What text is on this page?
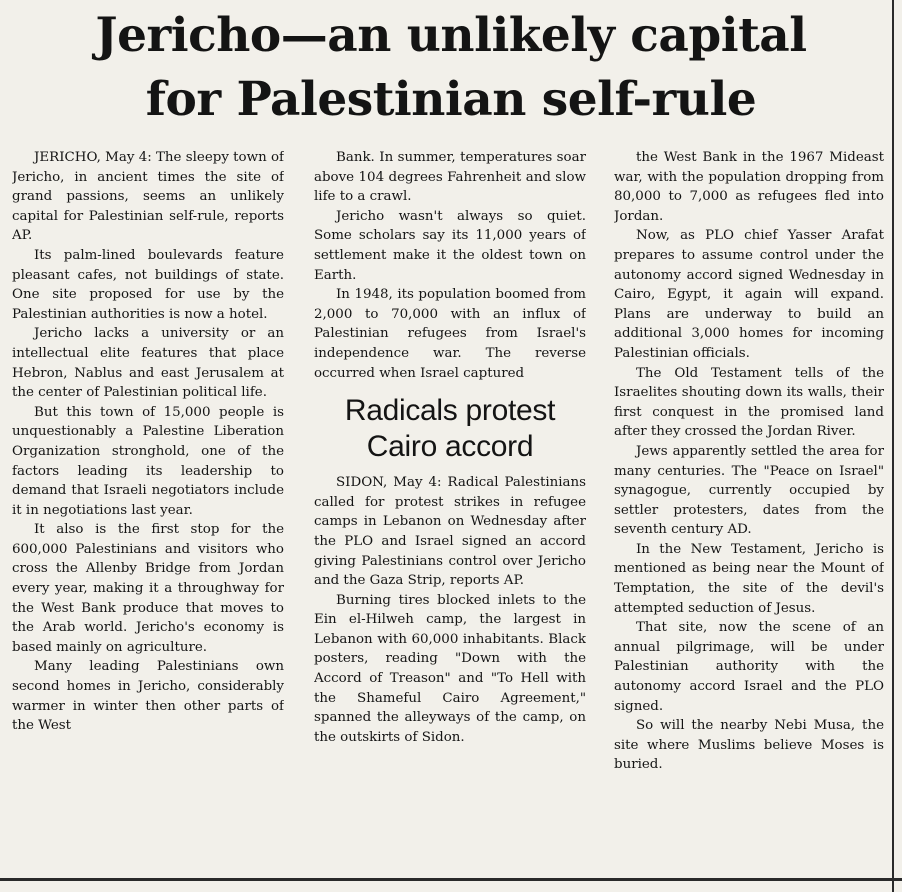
Jericho—an unlikely capital
for Palestinian self-rule

JERICHO, May 4: The sleepy town of Jericho, in ancient times the site of grand passions, seems an unlikely capital for Palestinian self-rule, reports AP.

Its palm-lined boulevards feature pleasant cafes, not buildings of state. One site proposed for use by the Palestinian authorities is now a hotel.

Jericho lacks a university or an intellectual elite features that place Hebron, Nablus and east Jerusalem at the center of Palestinian political life.

But this town of 15,000 people is unquestionably a Palestine Liberation Organization stronghold, one of the factors leading its leadership to demand that Israeli negotiators include it in negotiations last year.

It also is the first stop for the 600,000 Palestinians and visitors who cross the Allenby Bridge from Jordan every year, making it a throughway for the West Bank produce that moves to the Arab world. Jericho's economy is based mainly on agriculture.

Many leading Palestinians own second homes in Jericho, considerably warmer in winter then other parts of the West

Bank. In summer, temperatures soar above 104 degrees Fahrenheit and slow life to a crawl.

Jericho wasn't always so quiet. Some scholars say its 11,000 years of settlement make it the oldest town on Earth.

In 1948, its population boomed from 2,000 to 70,000 with an influx of Palestinian refugees from Israel's independence war. The reverse occurred when Israel captured

Radicals protest
Cairo accord

SIDON, May 4: Radical Palestinians called for protest strikes in refugee camps in Lebanon on Wednesday after the PLO and Israel signed an accord giving Palestinians control over Jericho and the Gaza Strip, reports AP.

Burning tires blocked inlets to the Ein el-Hilweh camp, the largest in Lebanon with 60,000 inhabitants. Black posters, reading "Down with the Accord of Treason" and "To Hell with the Shameful Cairo Agreement," spanned the alleyways of the camp, on the outskirts of Sidon.

the West Bank in the 1967 Mideast war, with the population dropping from 80,000 to 7,000 as refugees fled into Jordan.

Now, as PLO chief Yasser Arafat prepares to assume control under the autonomy accord signed Wednesday in Cairo, Egypt, it again will expand. Plans are underway to build an additional 3,000 homes for incoming Palestinian officials.

The Old Testament tells of the Israelites shouting down its walls, their first conquest in the promised land after they crossed the Jordan River.

Jews apparently settled the area for many centuries. The "Peace on Israel" synagogue, currently occupied by settler protesters, dates from the seventh century AD.

In the New Testament, Jericho is mentioned as being near the Mount of Temptation, the site of the devil's attempted seduction of Jesus.

That site, now the scene of an annual pilgrimage, will be under Palestinian authority with the autonomy accord Israel and the PLO signed.

So will the nearby Nebi Musa, the site where Muslims believe Moses is buried.
